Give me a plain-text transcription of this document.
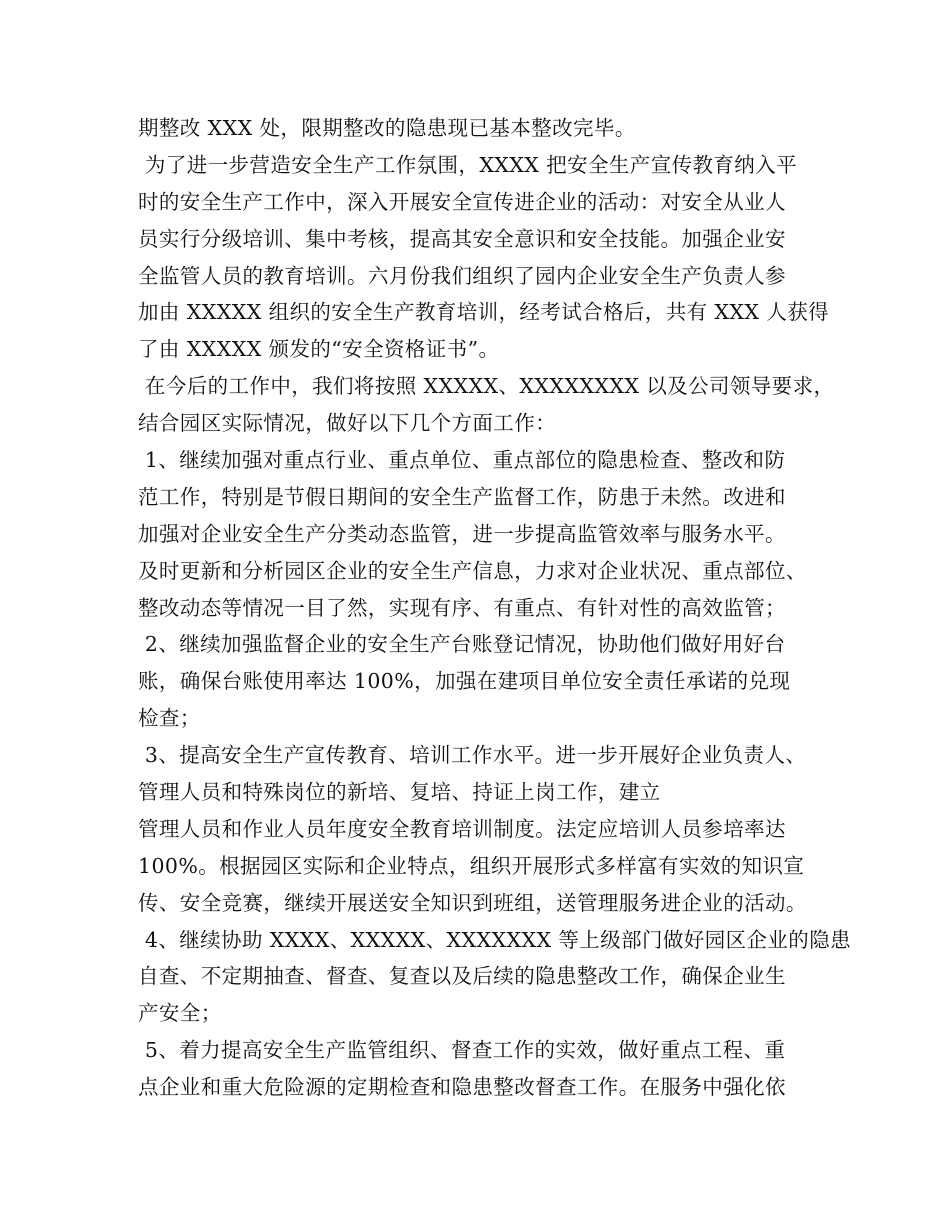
期整改 XXX 处，限期整改的隐患现已基本整改完毕。
为了进一步营造安全生产工作氛围，XXXX 把安全生产宣传教育纳入平
时的安全生产工作中，深入开展安全宣传进企业的活动：对安全从业人
员实行分级培训、集中考核，提高其安全意识和安全技能。加强企业安
全监管人员的教育培训。六月份我们组织了园内企业安全生产负责人参
加由 XXXXX 组织的安全生产教育培训，经考试合格后，共有 XXX 人获得
了由 XXXXX 颁发的“安全资格证书”。
在今后的工作中，我们将按照 XXXXX、XXXXXXXX 以及公司领导要求，
结合园区实际情况，做好以下几个方面工作：
1、继续加强对重点行业、重点单位、重点部位的隐患检查、整改和防
范工作，特别是节假日期间的安全生产监督工作，防患于未然。改进和
加强对企业安全生产分类动态监管，进一步提高监管效率与服务水平。
及时更新和分析园区企业的安全生产信息，力求对企业状况、重点部位、
整改动态等情况一目了然，实现有序、有重点、有针对性的高效监管；
2、继续加强监督企业的安全生产台账登记情况，协助他们做好用好台
账，确保台账使用率达 100%，加强在建项目单位安全责任承诺的兑现
检查；
3、提高安全生产宣传教育、培训工作水平。进一步开展好企业负责人、
管理人员和特殊岗位的新培、复培、持证上岗工作，建立
管理人员和作业人员年度安全教育培训制度。法定应培训人员参培率达
100%。根据园区实际和企业特点，组织开展形式多样富有实效的知识宣
传、安全竞赛，继续开展送安全知识到班组，送管理服务进企业的活动。
4、继续协助 XXXX、XXXXX、XXXXXXX 等上级部门做好园区企业的隐患
自查、不定期抽查、督查、复查以及后续的隐患整改工作，确保企业生
产安全；
5、着力提高安全生产监管组织、督查工作的实效，做好重点工程、重
点企业和重大危险源的定期检查和隐患整改督查工作。在服务中强化依
